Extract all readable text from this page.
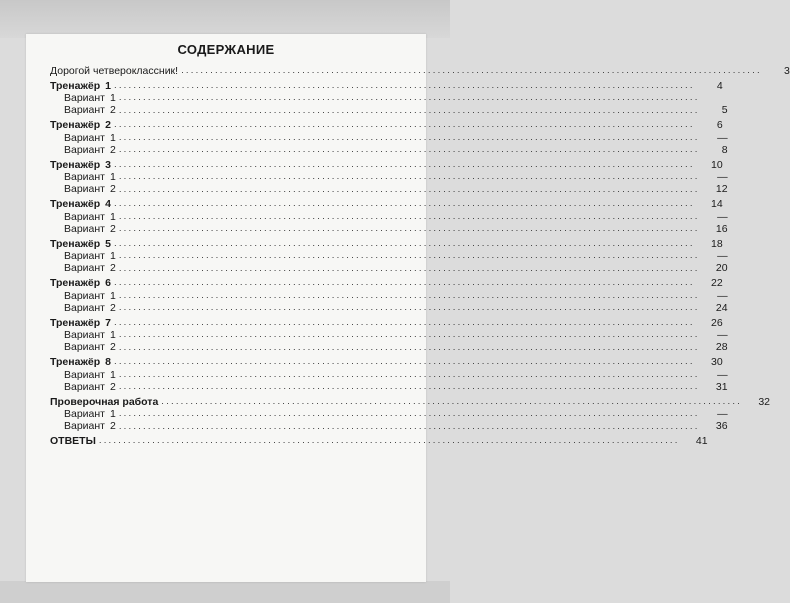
СОДЕРЖАНИЕ
Дорогой четвероклассник! ........................................................................................................................	3
Тренажёр 1 ........................................................................................................................	4
Вариант 1 ........................................................................................................................
Вариант 2 ........................................................................................................................	5
Тренажёр 2 ........................................................................................................................	6
Вариант 1 ........................................................................................................................	—
Вариант 2 ........................................................................................................................	8
Тренажёр 3 ........................................................................................................................	10
Вариант 1 ........................................................................................................................	—
Вариант 2 ........................................................................................................................	12
Тренажёр 4 ........................................................................................................................	14
Вариант 1 ........................................................................................................................	—
Вариант 2 ........................................................................................................................	16
Тренажёр 5 ........................................................................................................................	18
Вариант 1 ........................................................................................................................	—
Вариант 2 ........................................................................................................................	20
Тренажёр 6 ........................................................................................................................	22
Вариант 1 ........................................................................................................................	—
Вариант 2 ........................................................................................................................	24
Тренажёр 7 ........................................................................................................................	26
Вариант 1 ........................................................................................................................	—
Вариант 2 ........................................................................................................................	28
Тренажёр 8 ........................................................................................................................	30
Вариант 1 ........................................................................................................................	—
Вариант 2 ........................................................................................................................	31
Проверочная работа ........................................................................................................................	32
Вариант 1 ........................................................................................................................	—
Вариант 2 ........................................................................................................................	36
ОТВЕТЫ ........................................................................................................................	41
